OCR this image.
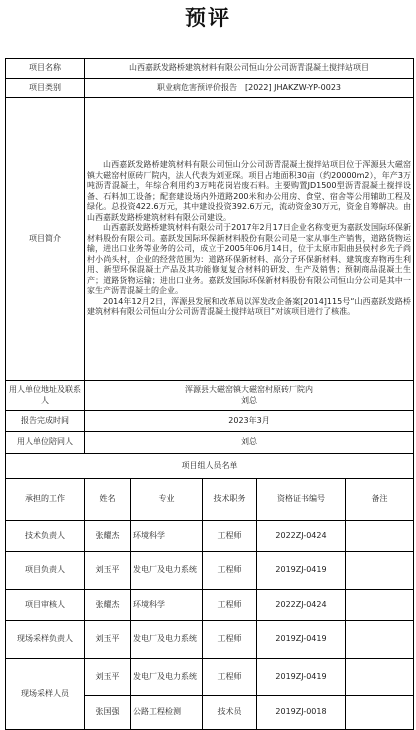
预评
项目名称	山西嘉跃发路桥建筑材料有限公司恒山分公司沥青混凝土搅拌站项目				
项目类别	职业病危害预评价报告　[2022] JHAKZW-YP-0023				
项目简介	山西嘉跃发路桥建筑材料有限公司恒山分公司沥青混凝土搅拌站项目位于浑源县大磁窑镇大磁窑村原砖厂院内，法人代表为刘亚琛。项目占地面积30亩（约20000m2），年产3万吨沥青混凝土，年综合利用约3万吨花岗岩废石料。主要购置JD1500型沥青混凝土搅拌设备、石料加工设备；配套建设场内外道路200米和办公用房、食堂、宿舍等公用辅助工程及绿化。总投资422.6万元，其中建设投资392.6万元，流动资金30万元，资金自筹解决。由山西嘉跃发路桥建筑材料有限公司建设。

山西嘉跃发路桥建筑材料有限公司于2017年2月17日企业名称变更为嘉跃发国际环保新材料股份有限公司。嘉跃发国际环保新材料股份有限公司是一家从事生产销售，道路货物运输，进出口业务等业务的公司，成立于2005年06月14日，位于太原市阳曲县侯村乡先子尚村小尚头村，企业的经营范围为：道路环保新材料、高分子环保新材料、建筑废弃物再生利用、新型环保混凝土产品及其功能修复复合材料的研发、生产及销售；预制商品混凝土生产；道路货物运输；进出口业务。嘉跃发国际环保新材料股份有限公司恒山分公司是其中一家生产沥青混凝土的企业。

2014年12月2日，浑源县发展和改革局以浑发改企备案[2014]115号“山西嘉跃发路桥建筑材料有限公司恒山分公司沥青混凝土搅拌站项目”对该项目进行了核准。				

用人单位地址及联系人	浑源县大磁窑镇大磁窑村原砖厂院内
刘总				

报告完成时间	2023年3月				
用人单位陪同人	刘总				
项目组人员名单					
承担的工作	姓名	专业	技术职务	资格证书编号	备注
技术负责人	张耀杰	环境科学	工程师	2022ZJ-0424	
项目负责人	刘玉平	发电厂及电力系统	工程师	2019ZJ-0419	
项目审核人	张耀杰	环境科学	工程师	2022ZJ-0424	
现场采样负责人	刘玉平	发电厂及电力系统	工程师	2019ZJ-0419	
现场采样人员	刘玉平	发电厂及电力系统	工程师	2019ZJ-0419	
	张国强	公路工程检测	技术员	2019ZJ-0018	
